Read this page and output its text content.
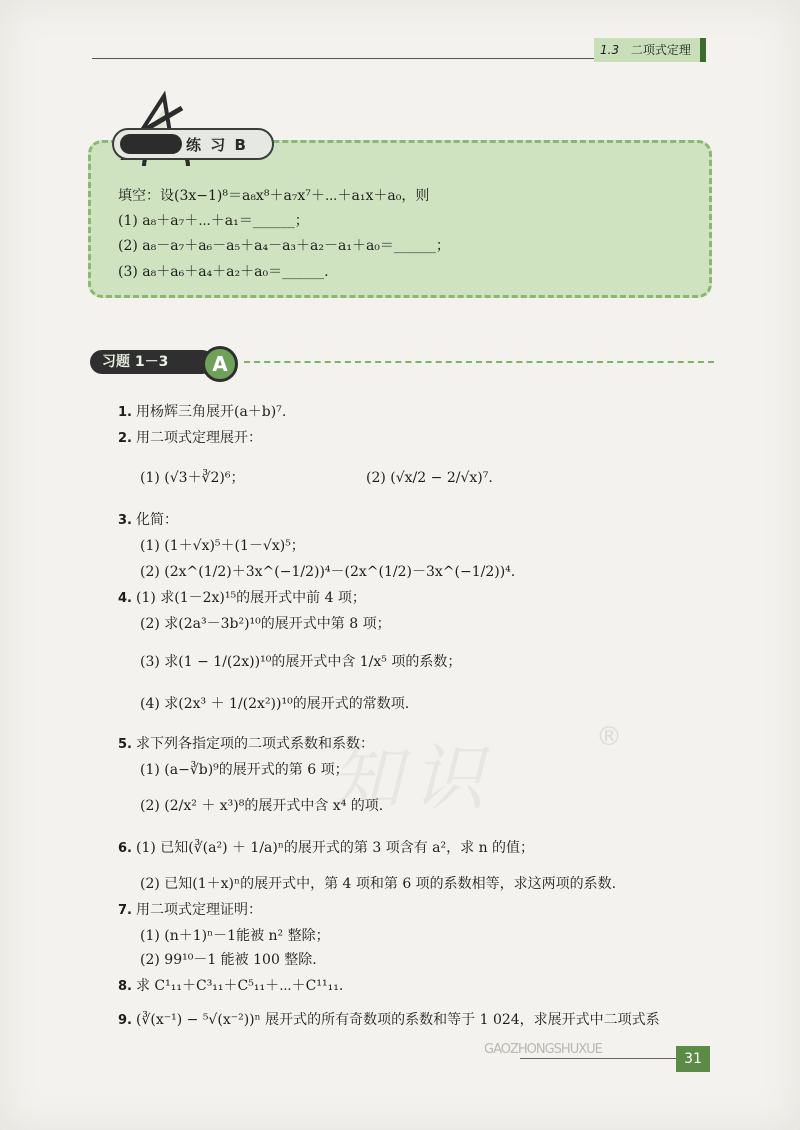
1.3 二项式定理
练 习 B
填空：设(3x−1)⁸＝a₈x⁸＋a₇x⁷＋⋯＋a₁x＋a₀，则
(1) a₈＋a₇＋⋯＋a₁＝______；
(2) a₈－a₇＋a₆－a₅＋a₄－a₃＋a₂－a₁＋a₀＝______；
(3) a₈＋a₆＋a₄＋a₂＋a₀＝______.
习题 1－3	A
知识	®
1. 用杨辉三角展开(a＋b)⁷.
2. 用二项式定理展开：
(1) (√3＋∛2)⁶；	(2) (√x/2 − 2/√x)⁷.
3. 化简：
(1) (1＋√x)⁵＋(1－√x)⁵；
(2) (2x^(1/2)＋3x^(−1/2))⁴－(2x^(1/2)－3x^(−1/2))⁴.
4. (1) 求(1－2x)¹⁵的展开式中前 4 项；
(2) 求(2a³－3b²)¹⁰的展开式中第 8 项；
(3) 求(1 − 1/(2x))¹⁰的展开式中含 1/x⁵ 项的系数；
(4) 求(2x³ ＋ 1/(2x²))¹⁰的展开式的常数项.
5. 求下列各指定项的二项式系数和系数：
(1) (a−∛b)⁹的展开式的第 6 项；
(2) (2/x² ＋ x³)⁸的展开式中含 x⁴ 的项.
6. (1) 已知(∛(a²) ＋ 1/a)ⁿ的展开式的第 3 项含有 a²，求 n 的值；
(2) 已知(1＋x)ⁿ的展开式中，第 4 项和第 6 项的系数相等，求这两项的系数.
7. 用二项式定理证明：
(1) (n＋1)ⁿ－1能被 n² 整除；
(2) 99¹⁰－1 能被 100 整除.
8. 求 C¹₁₁＋C³₁₁＋C⁵₁₁＋⋯＋C¹¹₁₁.
9. (∛(x⁻¹) − ⁵√(x⁻²))ⁿ 展开式的所有奇数项的系数和等于 1 024，求展开式中二项式系
GAOZHONGSHUXUE
31
